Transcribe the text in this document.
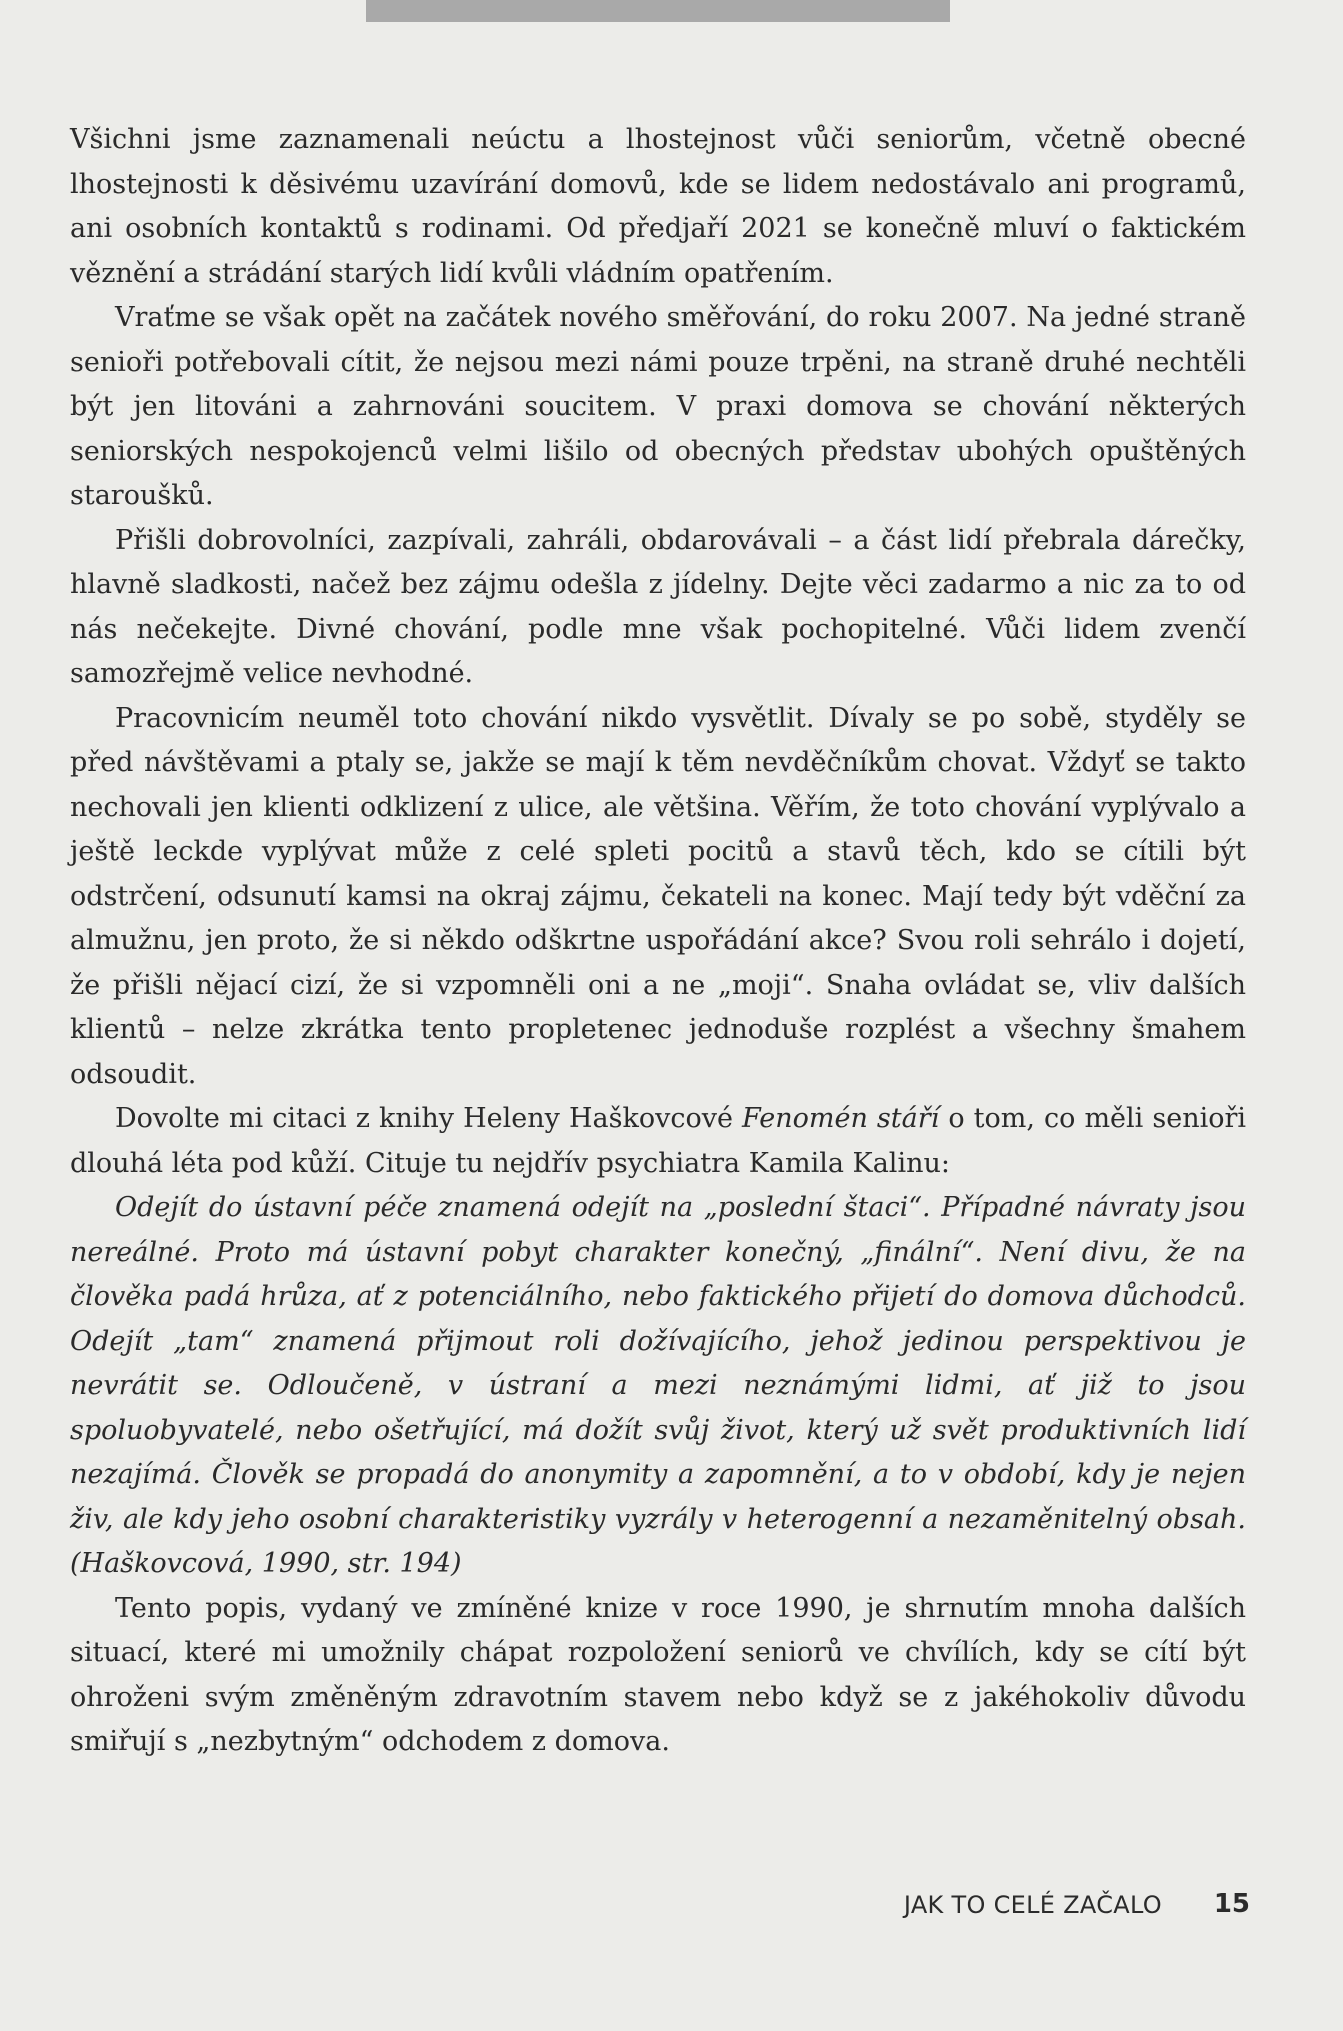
Všichni jsme zaznamenali neúctu a lhostejnost vůči seniorům, včetně obecné lhostejnosti k děsivému uzavírání domovů, kde se lidem nedostávalo ani programů, ani osobních kontaktů s rodinami. Od předjaří 2021 se konečně mluví o faktickém věznění a strádání starých lidí kvůli vládním opatřením.

Vraťme se však opět na začátek nového směřování, do roku 2007. Na jedné straně senioři potřebovali cítit, že nejsou mezi námi pouze trpěni, na straně druhé nechtěli být jen litováni a zahrnováni soucitem. V praxi domova se chování některých seniorských nespokojenců velmi lišilo od obecných představ ubohých opuštěných staroušků.

Přišli dobrovolníci, zazpívali, zahráli, obdarovávali – a část lidí přebrala dárečky, hlavně sladkosti, načež bez zájmu odešla z jídelny. Dejte věci zadarmo a nic za to od nás nečekejte. Divné chování, podle mne však pochopitelné. Vůči lidem zvenčí samozřejmě velice nevhodné.

Pracovnicím neuměl toto chování nikdo vysvětlit. Dívaly se po sobě, styděly se před návštěvami a ptaly se, jakže se mají k těm nevděčníkům chovat. Vždyť se takto nechovali jen klienti odklizení z ulice, ale většina. Věřím, že toto chování vyplývalo a ještě leckde vyplývat může z celé spleti pocitů a stavů těch, kdo se cítili být odstrčení, odsunutí kamsi na okraj zájmu, čekateli na konec. Mají tedy být vděční za almužnu, jen proto, že si někdo odškrtne uspořádání akce? Svou roli sehrálo i dojetí, že přišli nějací cizí, že si vzpomněli oni a ne „moji“. Snaha ovládat se, vliv dalších klientů – nelze zkrátka tento propletenec jednoduše rozplést a všechny šmahem odsoudit.

Dovolte mi citaci z knihy Heleny Haškovcové Fenomén stáří o tom, co měli senioři dlouhá léta pod kůží. Cituje tu nejdřív psychiatra Kamila Kalinu:

Odejít do ústavní péče znamená odejít na „poslední štaci“. Případné návraty jsou nereálné. Proto má ústavní pobyt charakter konečný, „finální“. Není divu, že na člověka padá hrůza, ať z potenciálního, nebo faktického přijetí do domova důchodců. Odejít „tam“ znamená přijmout roli dožívajícího, jehož jedinou perspektivou je nevrátit se. Odloučeně, v ústraní a mezi neznámými lidmi, ať již to jsou spoluobyvatelé, nebo ošetřující, má dožít svůj život, který už svět produktivních lidí nezajímá. Člověk se propadá do anonymity a zapomnění, a to v období, kdy je nejen živ, ale kdy jeho osobní charakteristiky vyzrály v heterogenní a nezaměnitelný obsah. (Haškovcová, 1990, str. 194)

Tento popis, vydaný ve zmíněné knize v roce 1990, je shrnutím mnoha dalších situací, které mi umožnily chápat rozpoložení seniorů ve chvílích, kdy se cítí být ohroženi svým změněným zdravotním stavem nebo když se z jakéhokoliv důvodu smiřují s „nezbytným“ odchodem z domova.

JAK TO CELÉ ZAČALO 15
